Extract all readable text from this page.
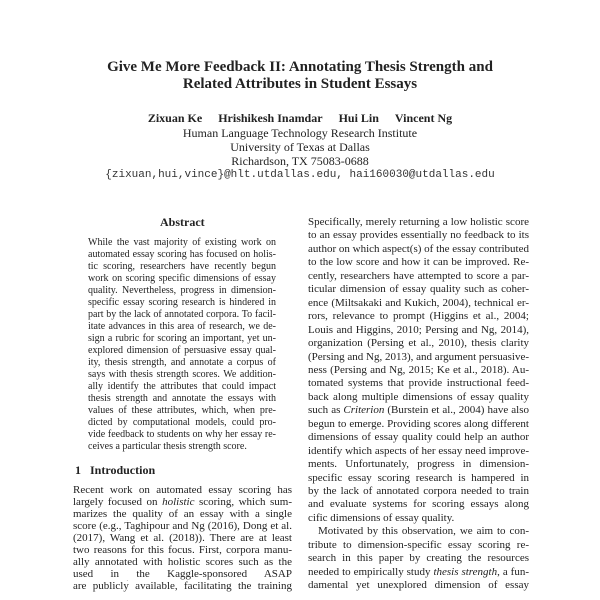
Give Me More Feedback II: Annotating Thesis Strength and
Related Attributes in Student Essays
Zixuan Ke Hrishikesh Inamdar Hui Lin Vincent Ng
Human Language Technology Research Institute
University of Texas at Dallas
Richardson, TX 75083-0688
{zixuan,hui,vince}@hlt.utdallas.edu, hai160030@utdallas.edu
Abstract
While the vast majority of existing work on
automated essay scoring has focused on holis-
tic scoring, researchers have recently begun
work on scoring specific dimensions of essay
quality. Nevertheless, progress in dimension-
specific essay scoring research is hindered in
part by the lack of annotated corpora. To facil-
itate advances in this area of research, we de-
sign a rubric for scoring an important, yet un-
explored dimension of persuasive essay qual-
ity, thesis strength, and annotate a corpus of
says with thesis strength scores. We addition-
ally identify the attributes that could impact
thesis strength and annotate the essays with
values of these attributes, which, when pre-
dicted by computational models, could pro-
vide feedback to students on why her essay re-
ceives a particular thesis strength score.
1 Introduction
Recent work on automated essay scoring has
largely focused on holistic scoring, which sum-
marizes the quality of an essay with a single
score (e.g., Taghipour and Ng (2016), Dong et al.
(2017), Wang et al. (2018)). There are at least
two reasons for this focus. First, corpora manu-
ally annotated with holistic scores such as the
used in the Kaggle-sponsored ASAP
are publicly available, facilitating the training
Specifically, merely returning a low holistic score
to an essay provides essentially no feedback to its
author on which aspect(s) of the essay contributed
to the low score and how it can be improved. Re-
cently, researchers have attempted to score a par-
ticular dimension of essay quality such as coher-
ence (Miltsakaki and Kukich, 2004), technical er-
rors, relevance to prompt (Higgins et al., 2004;
Louis and Higgins, 2010; Persing and Ng, 2014),
organization (Persing et al., 2010), thesis clarity
(Persing and Ng, 2013), and argument persuasive-
ness (Persing and Ng, 2015; Ke et al., 2018). Au-
tomated systems that provide instructional feed-
back along multiple dimensions of essay quality
such as Criterion (Burstein et al., 2004) have also
begun to emerge. Providing scores along different
dimensions of essay quality could help an author
identify which aspects of her essay need improve-
ments. Unfortunately, progress in dimension-
specific essay scoring research is hampered in
by the lack of annotated corpora needed to train
and evaluate systems for scoring essays along
cific dimensions of essay quality.
Motivated by this observation, we aim to con-
tribute to dimension-specific essay scoring re-
search in this paper by creating the resources
needed to empirically study thesis strength, a fun-
damental yet unexplored dimension of essay
